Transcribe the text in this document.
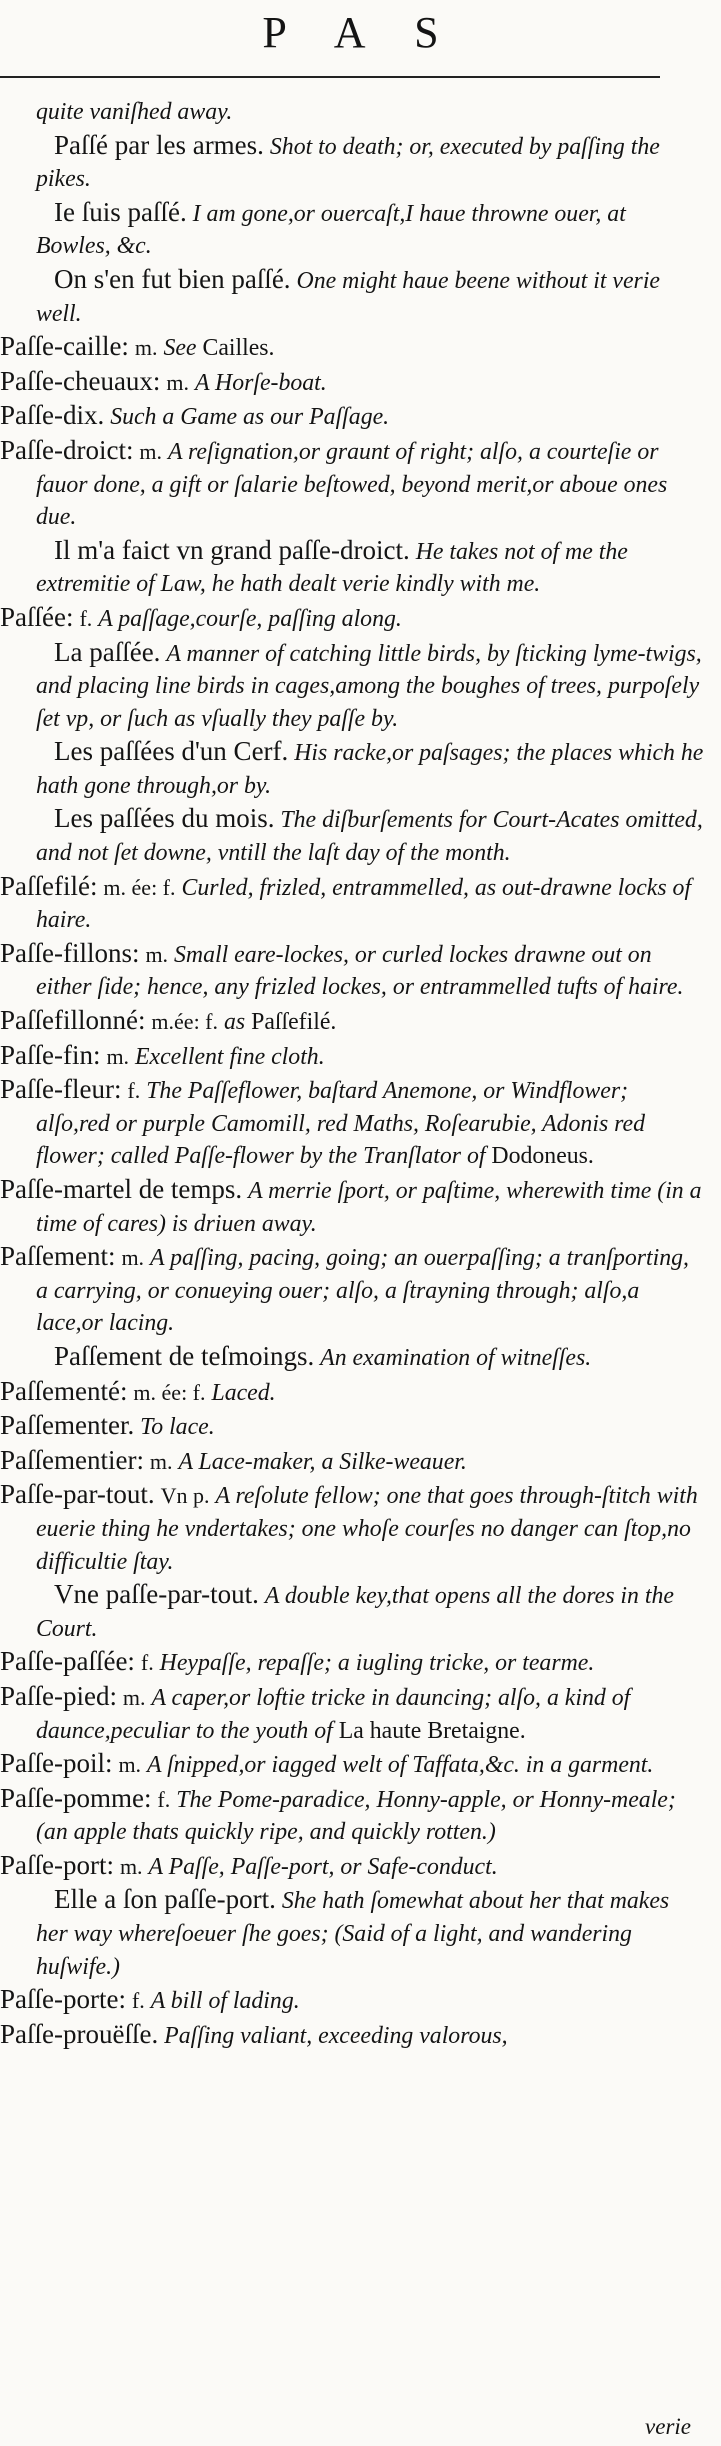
P A S
quite vaniſhed away.
Paſſé par les armes. Shot to death; or, executed by paſſing the pikes.
Ie ſuis paſſé. I am gone,or ouercaſt,I haue throwne ouer, at Bowles, &c.
On s'en fut bien paſſé. One might haue beene without it verie well.
Paſſe-caille: m. See Cailles.
Paſſe-cheuaux: m. A Horſe-boat.
Paſſe-dix. Such a Game as our Paſſage.
Paſſe-droict: m. A reſignation,or graunt of right; alſo, a courteſie or fauor done, a gift or ſalarie beſtowed, beyond merit,or aboue ones due.
Il m'a faict vn grand paſſe-droict. He takes not of me the extremitie of Law, he hath dealt verie kindly with me.
Paſſée: f. A paſſage,courſe, paſſing along.
La paſſée. A manner of catching little birds, by ſticking lyme-twigs, and placing line birds in cages,among the boughes of trees, purpoſely ſet vp, or ſuch as vſually they paſſe by.
Les paſſées d'un Cerf. His racke,or paſsages; the places which he hath gone through,or by.
Les paſſées du mois. The diſburſements for Court-Acates omitted, and not ſet downe, vntill the laſt day of the month.
Paſſefilé: m. ée: f. Curled, frizled, entrammelled, as out-drawne locks of haire.
Paſſe-fillons: m. Small eare-lockes, or curled lockes drawne out on either ſide; hence, any frizled lockes, or entrammelled tufts of haire.
Paſſefillonné: m.ée: f. as Paſſefilé.
Paſſe-fin: m. Excellent fine cloth.
Paſſe-fleur: f. The Paſſeflower, baſtard Anemone, or Windflower; alſo,red or purple Camomill, red Maths, Roſearubie, Adonis red flower; called Paſſe-flower by the Tranſlator of Dodoneus.
Paſſe-martel de temps. A merrie ſport, or paſtime, wherewith time (in a time of cares) is driuen away.
Paſſement: m. A paſſing, pacing, going; an ouerpaſſing; a tranſporting, a carrying, or conueying ouer; alſo, a ſtrayning through; alſo,a lace,or lacing.
Paſſement de teſmoings. An examination of witneſſes.
Paſſementé: m. ée: f. Laced.
Paſſementer. To lace.
Paſſementier: m. A Lace-maker, a Silke-weauer.
Paſſe-par-tout. Vn p. A reſolute fellow; one that goes through-ſtitch with euerie thing he vndertakes; one whoſe courſes no danger can ſtop,no difficultie ſtay.
Vne paſſe-par-tout. A double key,that opens all the dores in the Court.
Paſſe-paſſée: f. Heypaſſe, repaſſe; a iugling tricke, or tearme.
Paſſe-pied: m. A caper,or loftie tricke in dauncing; alſo, a kind of daunce,peculiar to the youth of La haute Bretaigne.
Paſſe-poil: m. A ſnipped,or iagged welt of Taffata,&c. in a garment.
Paſſe-pomme: f. The Pome-paradice, Honny-apple, or Honny-meale; (an apple thats quickly ripe, and quickly rotten.)
Paſſe-port: m. A Paſſe, Paſſe-port, or Safe-conduct.
Elle a ſon paſſe-port. She hath ſomewhat about her that makes her way whereſoeuer ſhe goes; (Said of a light, and wandering huſwife.)
Paſſe-porte: f. A bill of lading.
Paſſe-prouëſſe. Paſſing valiant, exceeding valorous,
verie
